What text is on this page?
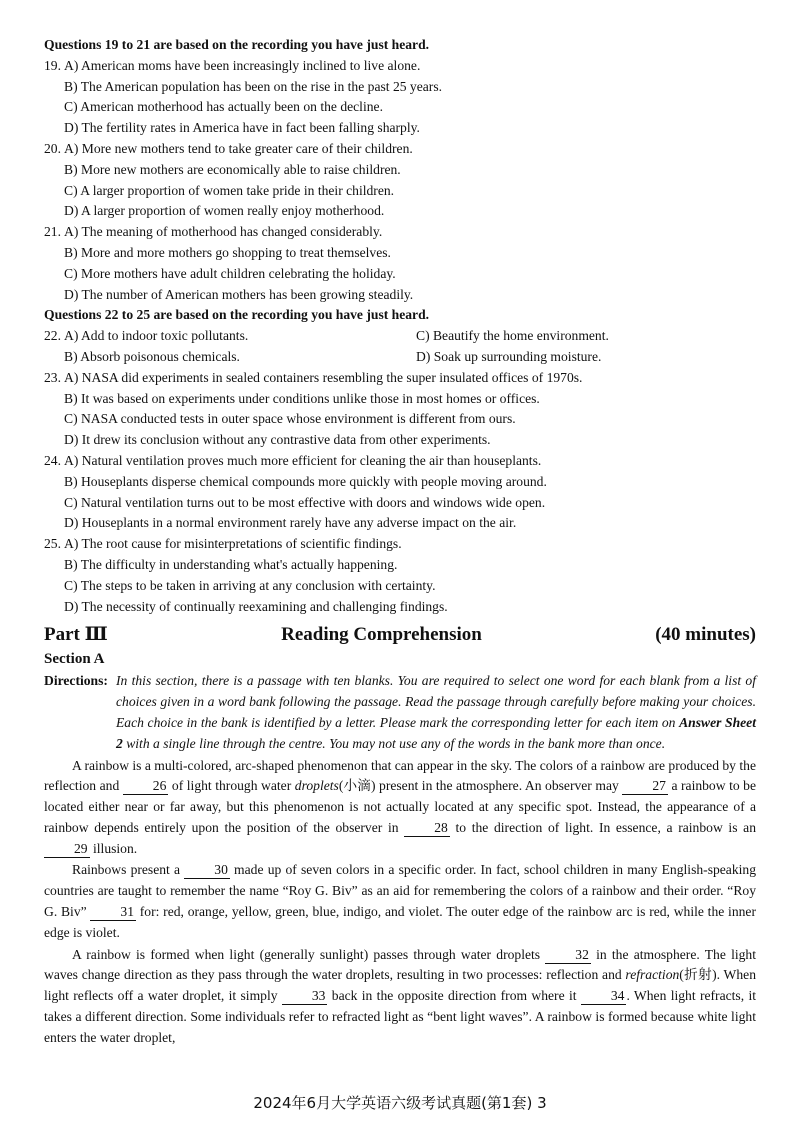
Questions 19 to 21 are based on the recording you have just heard.
19. A) American moms have been increasingly inclined to live alone.
B) The American population has been on the rise in the past 25 years.
C) American motherhood has actually been on the decline.
D) The fertility rates in America have in fact been falling sharply.
20. A) More new mothers tend to take greater care of their children.
B) More new mothers are economically able to raise children.
C) A larger proportion of women take pride in their children.
D) A larger proportion of women really enjoy motherhood.
21. A) The meaning of motherhood has changed considerably.
B) More and more mothers go shopping to treat themselves.
C) More mothers have adult children celebrating the holiday.
D) The number of American mothers has been growing steadily.
Questions 22 to 25 are based on the recording you have just heard.
22. A) Add to indoor toxic pollutants.	C) Beautify the home environment.
B) Absorb poisonous chemicals.	D) Soak up surrounding moisture.
23. A) NASA did experiments in sealed containers resembling the super insulated offices of 1970s.
B) It was based on experiments under conditions unlike those in most homes or offices.
C) NASA conducted tests in outer space whose environment is different from ours.
D) It drew its conclusion without any contrastive data from other experiments.
24. A) Natural ventilation proves much more efficient for cleaning the air than houseplants.
B) Houseplants disperse chemical compounds more quickly with people moving around.
C) Natural ventilation turns out to be most effective with doors and windows wide open.
D) Houseplants in a normal environment rarely have any adverse impact on the air.
25. A) The root cause for misinterpretations of scientific findings.
B) The difficulty in understanding what's actually happening.
C) The steps to be taken in arriving at any conclusion with certainty.
D) The necessity of continually reexamining and challenging findings.
Part Ⅲ	Reading Comprehension	(40 minutes)
Section A
Directions: In this section, there is a passage with ten blanks. You are required to select one word for each blank from a list of choices given in a word bank following the passage. Read the passage through carefully before making your choices. Each choice in the bank is identified by a letter. Please mark the corresponding letter for each item on Answer Sheet 2 with a single line through the centre. You may not use any of the words in the bank more than once.
A rainbow is a multi-colored, arc-shaped phenomenon that can appear in the sky. The colors of a rainbow are produced by the reflection and 26 of light through water droplets(小滴) present in the atmosphere. An observer may 27 a rainbow to be located either near or far away, but this phenomenon is not actually located at any specific spot. Instead, the appearance of a rainbow depends entirely upon the position of the observer in 28 to the direction of light. In essence, a rainbow is an 29 illusion.
Rainbows present a 30 made up of seven colors in a specific order. In fact, school children in many English-speaking countries are taught to remember the name “Roy G. Biv” as an aid for remembering the colors of a rainbow and their order. “Roy G. Biv” 31 for: red, orange, yellow, green, blue, indigo, and violet. The outer edge of the rainbow arc is red, while the inner edge is violet.
A rainbow is formed when light (generally sunlight) passes through water droplets 32 in the atmosphere. The light waves change direction as they pass through the water droplets, resulting in two processes: reflection and refraction(折射). When light reflects off a water droplet, it simply 33 back in the opposite direction from where it 34 . When light refracts, it takes a different direction. Some individuals refer to refracted light as “bent light waves”. A rainbow is formed because white light enters the water droplet,
2024年6月大学英语六级考试真题(第1套) 3
